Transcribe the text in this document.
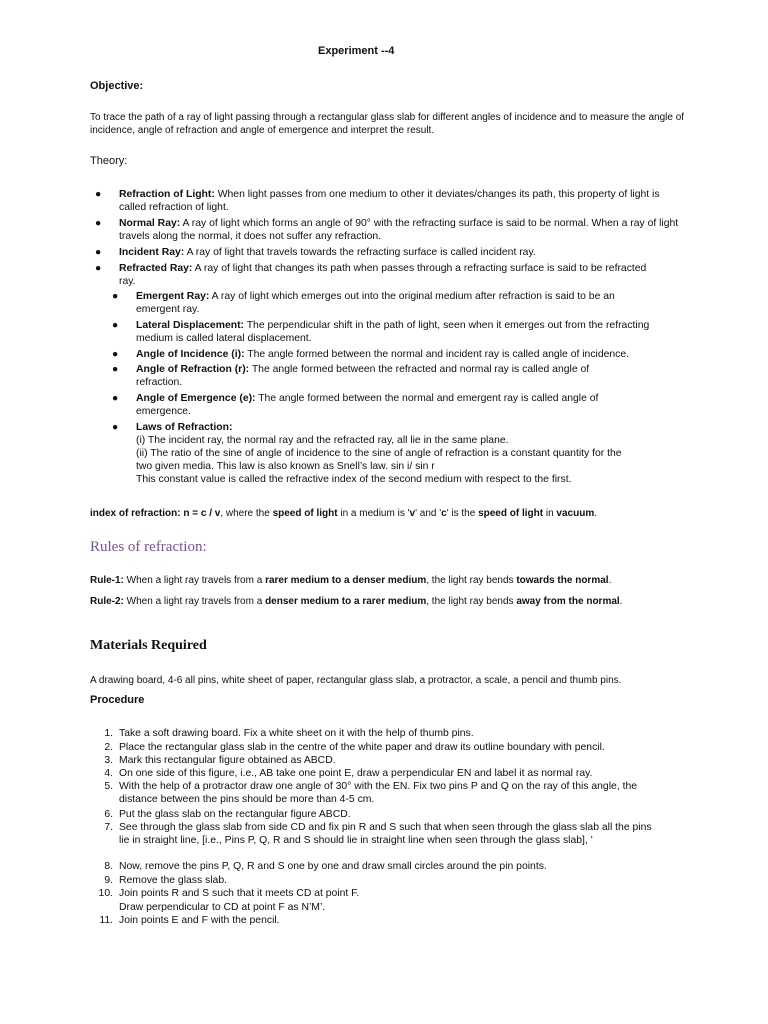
Experiment --4
Objective:
To trace the path of a ray of light passing through a rectangular glass slab for different angles of incidence and to measure the angle of incidence, angle of refraction and angle of emergence and interpret the result.
Theory:
● Refraction of Light: When light passes from one medium to other it deviates/changes its path, this property of light is called refraction of light.
● Normal Ray: A ray of light which forms an angle of 90° with the refracting surface is said to be normal. When a ray of light travels along the normal, it does not suffer any refraction.
● Incident Ray: A ray of light that travels towards the refracting surface is called incident ray.
● Refracted Ray: A ray of light that changes its path when passes through a refracting surface is said to be refracted ray.
● Emergent Ray: A ray of light which emerges out into the original medium after refraction is said to be an emergent ray.
● Lateral Displacement: The perpendicular shift in the path of light, seen when it emerges out from the refracting medium is called lateral displacement.
● Angle of Incidence (i): The angle formed between the normal and incident ray is called angle of incidence.
● Angle of Refraction (r): The angle formed between the refracted and normal ray is called angle of refraction.
● Angle of Emergence (e): The angle formed between the normal and emergent ray is called angle of emergence.
● Laws of Refraction:
(i) The incident ray, the normal ray and the refracted ray, all lie in the same plane.
(ii) The ratio of the sine of angle of incidence to the sine of angle of refraction is a constant quantity for the
two given media. This law is also known as Snell’s law. sin i/ sin r
This constant value is called the refractive index of the second medium with respect to the first.
index of refraction: n = c / v, where the speed of light in a medium is 'v' and 'c' is the speed of light in vacuum.
Rules of refraction:
Rule-1: When a light ray travels from a rarer medium to a denser medium, the light ray bends towards the normal.
Rule-2: When a light ray travels from a denser medium to a rarer medium, the light ray bends away from the normal.
Materials Required
A drawing board, 4-6 all pins, white sheet of paper, rectangular glass slab, a protractor, a scale, a pencil and thumb pins.
Procedure
1. Take a soft drawing board. Fix a white sheet on it with the help of thumb pins.
2. Place the rectangular glass slab in the centre of the white paper and draw its outline boundary with pencil.
3. Mark this rectangular figure obtained as ABCD.
4. On one side of this figure, i.e., AB take one point E, draw a perpendicular EN and label it as normal ray.
5. With the help of a protractor draw one angle of 30° with the EN. Fix two pins P and Q on the ray of this angle, the distance between the pins should be more than 4-5 cm.
6. Put the glass slab on the rectangular figure ABCD.
7. See through the glass slab from side CD and fix pin R and S such that when seen through the glass slab all the pins lie in straight line, [i.e., Pins P, Q, R and S should lie in straight line when seen through the glass slab], '
8. Now, remove the pins P, Q, R and S one by one and draw small circles around the pin points.
9. Remove the glass slab.
10. Join points R and S such that it meets CD at point F.
Draw perpendicular to CD at point F as N’M’.
11. Join points E and F with the pencil.
